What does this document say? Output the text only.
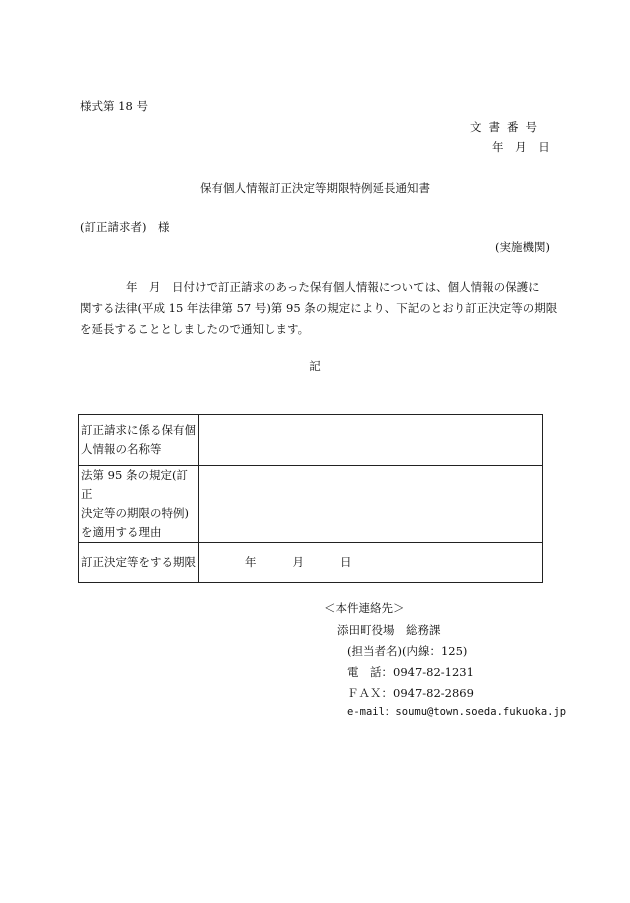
様式第 18 号
文書番号
年 月 日
保有個人情報訂正決定等期限特例延長通知書
(訂正請求者)　様
(実施機関)
年　月　日付けで訂正請求のあった保有個人情報については、個人情報の保護に
関する法律(平成 15 年法律第 57 号)第 95 条の規定により、下記のとおり訂正決定等の期限
を延長することとしましたので通知します。
記
訂正請求に係る保有個
人情報の名称等	

法第 95 条の規定(訂正
決定等の期限の特例)
を適用する理由	

訂正決定等をする期限	年 月 日
＜本件連絡先＞
添田町役場　総務課
(担当者名)(内線：125)
電　話：0947-82-1231
ＦＡＸ：0947-82-2869
e-mail：soumu@town.soeda.fukuoka.jp
